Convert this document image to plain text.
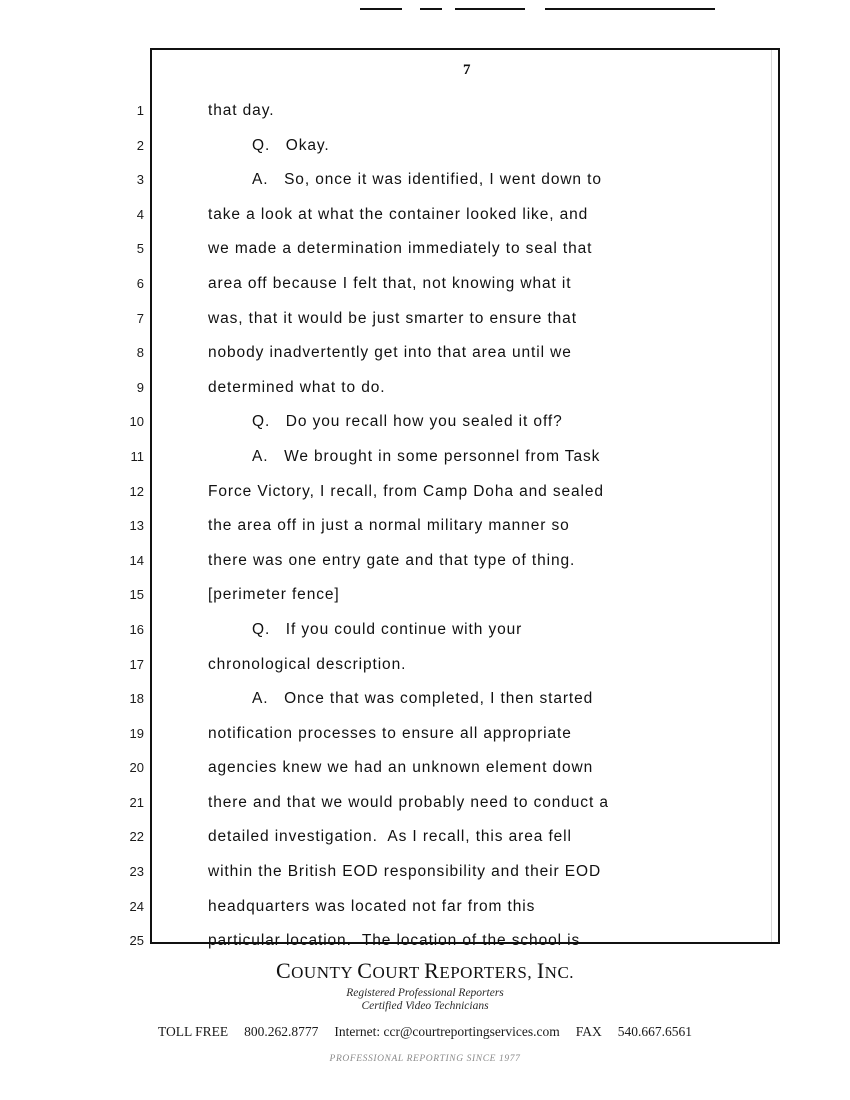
7
1	that day.
2	Q.   Okay.
3	A.   So, once it was identified, I went down to
4	take a look at what the container looked like, and
5	we made a determination immediately to seal that
6	area off because I felt that, not knowing what it
7	was, that it would be just smarter to ensure that
8	nobody inadvertently get into that area until we
9	determined what to do.
10	Q.   Do you recall how you sealed it off?
11	A.   We brought in some personnel from Task
12	Force Victory, I recall, from Camp Doha and sealed
13	the area off in just a normal military manner so
14	there was one entry gate and that type of thing.
15	[perimeter fence]
16	Q.   If you could continue with your
17	chronological description.
18	A.   Once that was completed, I then started
19	notification processes to ensure all appropriate
20	agencies knew we had an unknown element down
21	there and that we would probably need to conduct a
22	detailed investigation.  As I recall, this area fell
23	within the British EOD responsibility and their EOD
24	headquarters was located not far from this
25	particular location.  The location of the school is
COUNTY COURT REPORTERS, INC.
Registered Professional Reporters
Certified Video Technicians
TOLL FREE 800.262.8777 Internet: ccr@courtreportingservices.com FAX 540.667.6561
PROFESSIONAL REPORTING SINCE 1977
